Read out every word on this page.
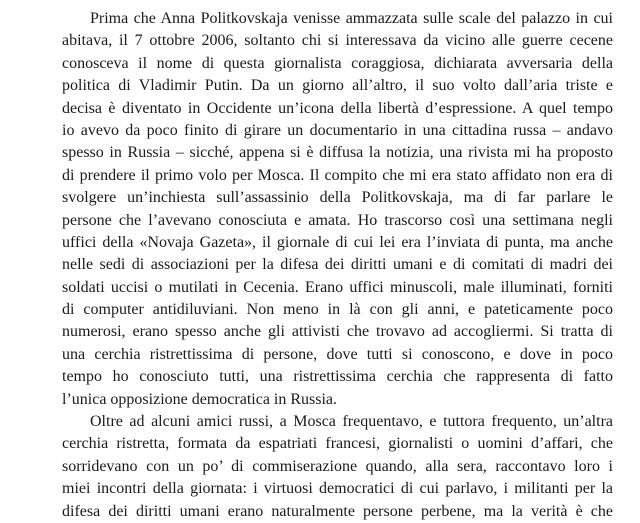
Prima che Anna Politkovskaja venisse ammazzata sulle scale del palazzo in cui
abitava, il 7 ottobre 2006, soltanto chi si interessava da vicino alle guerre cecene
conosceva il nome di questa giornalista coraggiosa, dichiarata avversaria della
politica di Vladimir Putin. Da un giorno all’altro, il suo volto dall’aria triste e
decisa è diventato in Occidente un’icona della libertà d’espressione. A quel tempo
io avevo da poco finito di girare un documentario in una cittadina russa – andavo
spesso in Russia – sicché, appena si è diffusa la notizia, una rivista mi ha proposto
di prendere il primo volo per Mosca. Il compito che mi era stato affidato non era di
svolgere un’inchiesta sull’assassinio della Politkovskaja, ma di far parlare le
persone che l’avevano conosciuta e amata. Ho trascorso così una settimana negli
uffici della «Novaja Gazeta», il giornale di cui lei era l’inviata di punta, ma anche
nelle sedi di associazioni per la difesa dei diritti umani e di comitati di madri dei
soldati uccisi o mutilati in Cecenia. Erano uffici minuscoli, male illuminati, forniti
di computer antidiluviani. Non meno in là con gli anni, e pateticamente poco
numerosi, erano spesso anche gli attivisti che trovavo ad accogliermi. Si tratta di
una cerchia ristrettissima di persone, dove tutti si conoscono, e dove in poco
tempo ho conosciuto tutti, una ristrettissima cerchia che rappresenta di fatto
l’unica opposizione democratica in Russia.
Oltre ad alcuni amici russi, a Mosca frequentavo, e tuttora frequento, un’altra
cerchia ristretta, formata da espatriati francesi, giornalisti o uomini d’affari, che
sorridevano con un po’ di commiserazione quando, alla sera, raccontavo loro i
miei incontri della giornata: i virtuosi democratici di cui parlavo, i militanti per la
difesa dei diritti umani erano naturalmente persone perbene, ma la verità è che
